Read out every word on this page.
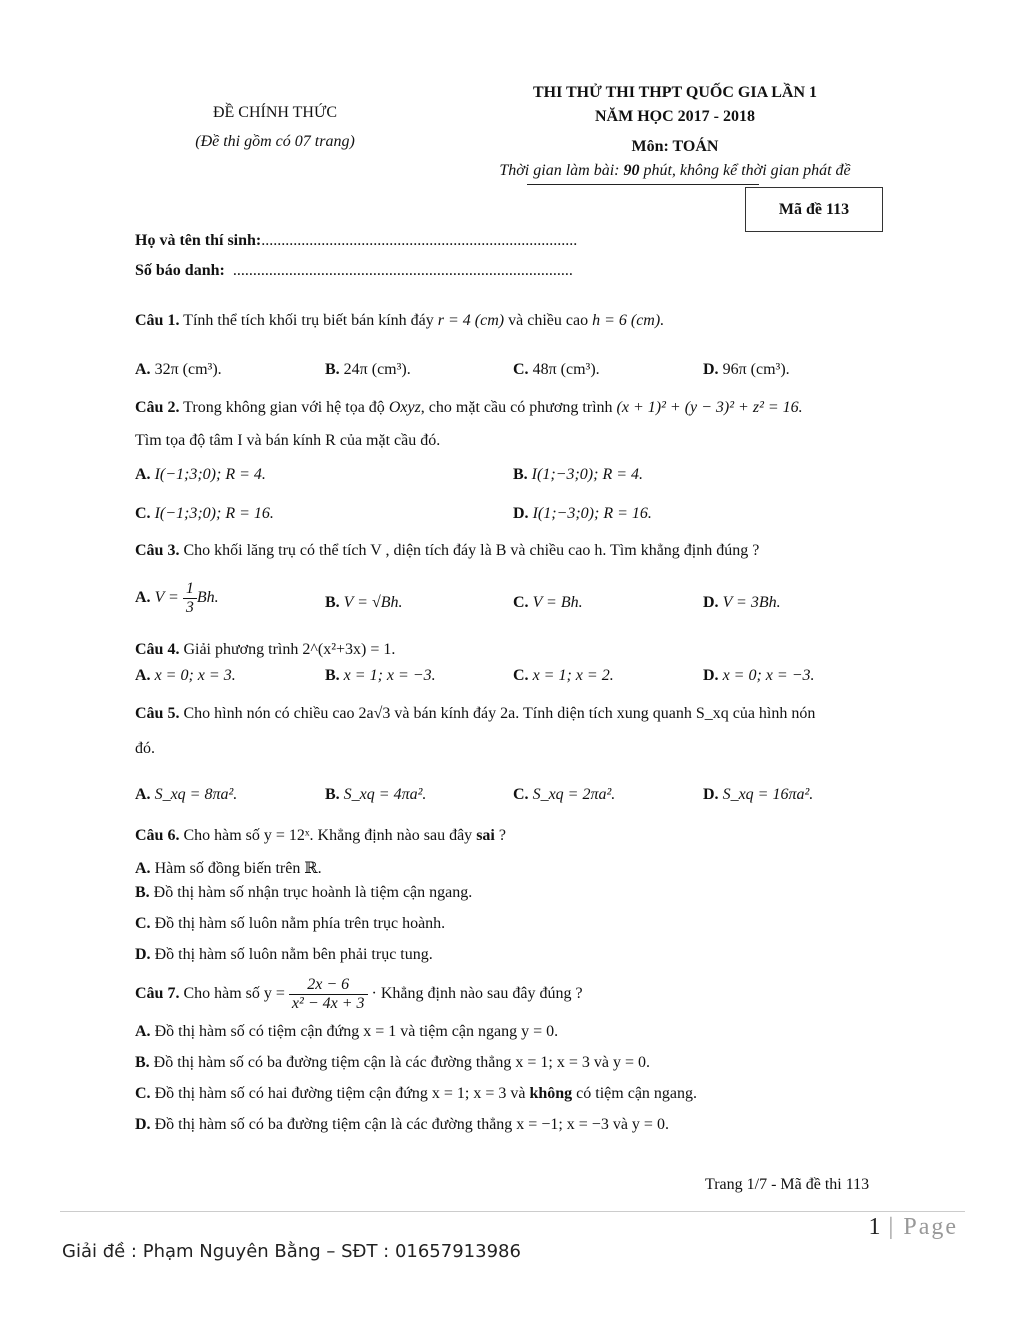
ĐỀ CHÍNH THỨC
(Đề thi gồm có 07 trang)
THI THỬ THI THPT QUỐC GIA LẦN 1
NĂM HỌC 2017 - 2018
Môn: TOÁN
Thời gian làm bài: 90 phút, không kể thời gian phát đề
Mã đề 113
Họ và tên thí sinh:...............................................................................
Số báo danh: .....................................................................................
Câu 1. Tính thể tích khối trụ biết bán kính đáy r = 4 (cm) và chiều cao h = 6 (cm).
A. 32π (cm³).	B. 24π (cm³).	C. 48π (cm³).	D. 96π (cm³).
Câu 2. Trong không gian với hệ tọa độ Oxyz, cho mặt cầu có phương trình (x + 1)² + (y − 3)² + z² = 16.
Tìm tọa độ tâm I và bán kính R của mặt cầu đó.
A. I(−1;3;0); R = 4.	B. I(1;−3;0); R = 4.
C. I(−1;3;0); R = 16.	D. I(1;−3;0); R = 16.
Câu 3. Cho khối lăng trụ có thể tích V , diện tích đáy là B và chiều cao h. Tìm khẳng định đúng ?
A. $V = \frac{1}{3} Bh$.	B. V = √Bh.	C. V = Bh.	D. V = 3Bh.
Câu 4. Giải phương trình 2^(x²+3x) = 1.
A. x = 0; x = 3.	B. x = 1; x = −3.	C. x = 1; x = 2.	D. x = 0; x = −3.
Câu 5. Cho hình nón có chiều cao 2a√3 và bán kính đáy 2a. Tính diện tích xung quanh S_xq của hình nón
đó.
A. S_xq = 8πa².	B. S_xq = 4πa².	C. S_xq = 2πa².	D. S_xq = 16πa².
Câu 6. Cho hàm số y = 12ˣ. Khẳng định nào sau đây sai ?
A. Hàm số đồng biến trên ℝ.
B. Đồ thị hàm số nhận trục hoành là tiệm cận ngang.
C. Đồ thị hàm số luôn nằm phía trên trục hoành.
D. Đồ thị hàm số luôn nằm bên phải trục tung.
Câu 7. Cho hàm số $y = \frac{2x - 6}{\text{x² − 4x + 3}}$ · Khẳng định nào sau đây đúng ?
A. Đồ thị hàm số có tiệm cận đứng x = 1 và tiệm cận ngang y = 0.
B. Đồ thị hàm số có ba đường tiệm cận là các đường thẳng x = 1; x = 3 và y = 0.
C. Đồ thị hàm số có hai đường tiệm cận đứng x = 1; x = 3 và không có tiệm cận ngang.
D. Đồ thị hàm số có ba đường tiệm cận là các đường thẳng x = −1; x = −3 và y = 0.
Trang 1/7 - Mã đề thi 113
1 | Page
Giải đề : Phạm Nguyên Bằng – SĐT : 01657913986
